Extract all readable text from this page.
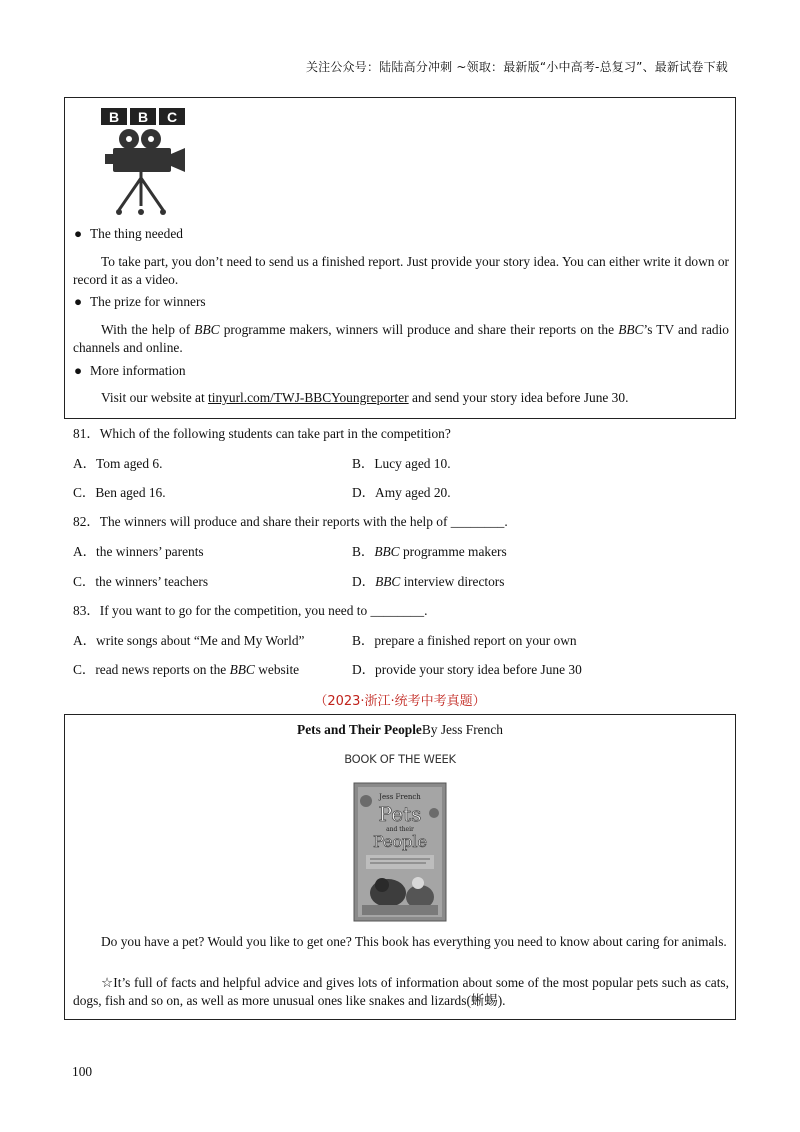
关注公众号：陆陆高分冲刺 ~领取：最新版“小中高考-总复习”、最新试卷下载
B B C
● The thing needed
To take part, you don’t need to send us a finished report. Just provide your story idea. You can either write it down or record it as a video.
● The prize for winners
With the help of BBC programme makers, winners will produce and share their reports on the BBC’s TV and radio channels and online.
● More information
Visit our website at tinyurl.com/TWJ-BBCYoungreporter and send your story idea before June 30.
81．Which of the following students can take part in the competition?
A．Tom aged 6.	B．Lucy aged 10.
C．Ben aged 16.	D．Amy aged 20.
82．The winners will produce and share their reports with the help of ________.
A．the winners’ parents	B．BBC programme makers
C．the winners’ teachers	D．BBC interview directors
83．If you want to go for the competition, you need to ________.
A．write songs about “Me and My World”	B．prepare a finished report on your own
C．read news reports on the BBC website	D．provide your story idea before June 30
（2023·浙江·统考中考真题）
Pets and Their PeopleBy Jess French
BOOK OF THE WEEK
Jess French
Pets
and their
People
Do you have a pet? Would you like to get one? This book has everything you need to know about caring for animals.
☆It’s full of facts and helpful advice and gives lots of information about some of the most popular pets such as cats, dogs, fish and so on, as well as more unusual ones like snakes and lizards(蜥蜴).
100
